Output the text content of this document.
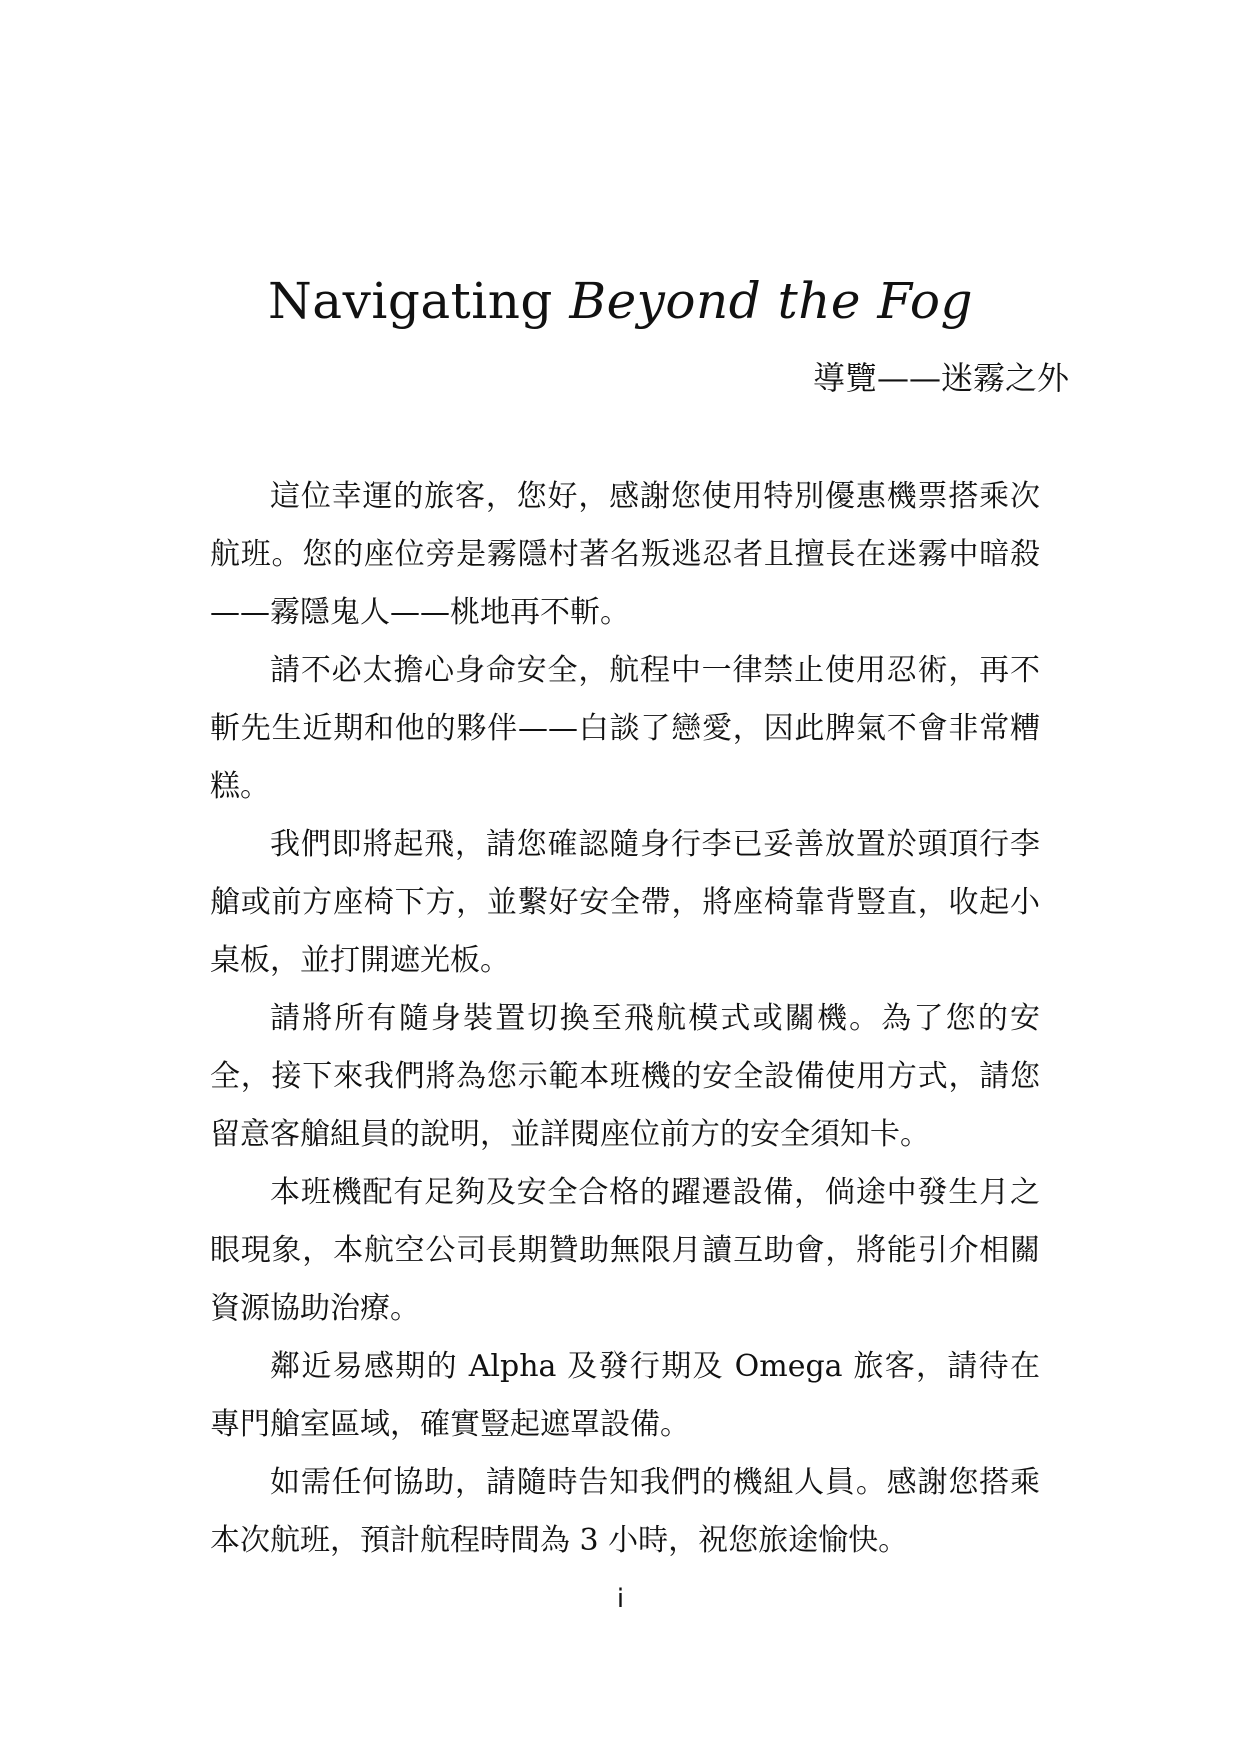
Navigating Beyond the Fog
導覽——迷霧之外

這位幸運的旅客，您好，感謝您使用特別優惠機票搭乘次航班。您的座位旁是霧隱村著名叛逃忍者且擅長在迷霧中暗殺——霧隱鬼人——桃地再不斬。

請不必太擔心身命安全，航程中一律禁止使用忍術，再不斬先生近期和他的夥伴——白談了戀愛，因此脾氣不會非常糟糕。

我們即將起飛，請您確認隨身行李已妥善放置於頭頂行李艙或前方座椅下方，並繫好安全帶，將座椅靠背豎直，收起小桌板，並打開遮光板。

請將所有隨身裝置切換至飛航模式或關機。為了您的安全，接下來我們將為您示範本班機的安全設備使用方式，請您留意客艙組員的說明，並詳閱座位前方的安全須知卡。

本班機配有足夠及安全合格的躍遷設備，倘途中發生月之眼現象，本航空公司長期贊助無限月讀互助會，將能引介相關資源協助治療。

鄰近易感期的 Alpha 及發行期及 Omega 旅客，請待在專門艙室區域，確實豎起遮罩設備。

如需任何協助，請隨時告知我們的機組人員。感謝您搭乘本次航班，預計航程時間為 3 小時，祝您旅途愉快。

i
